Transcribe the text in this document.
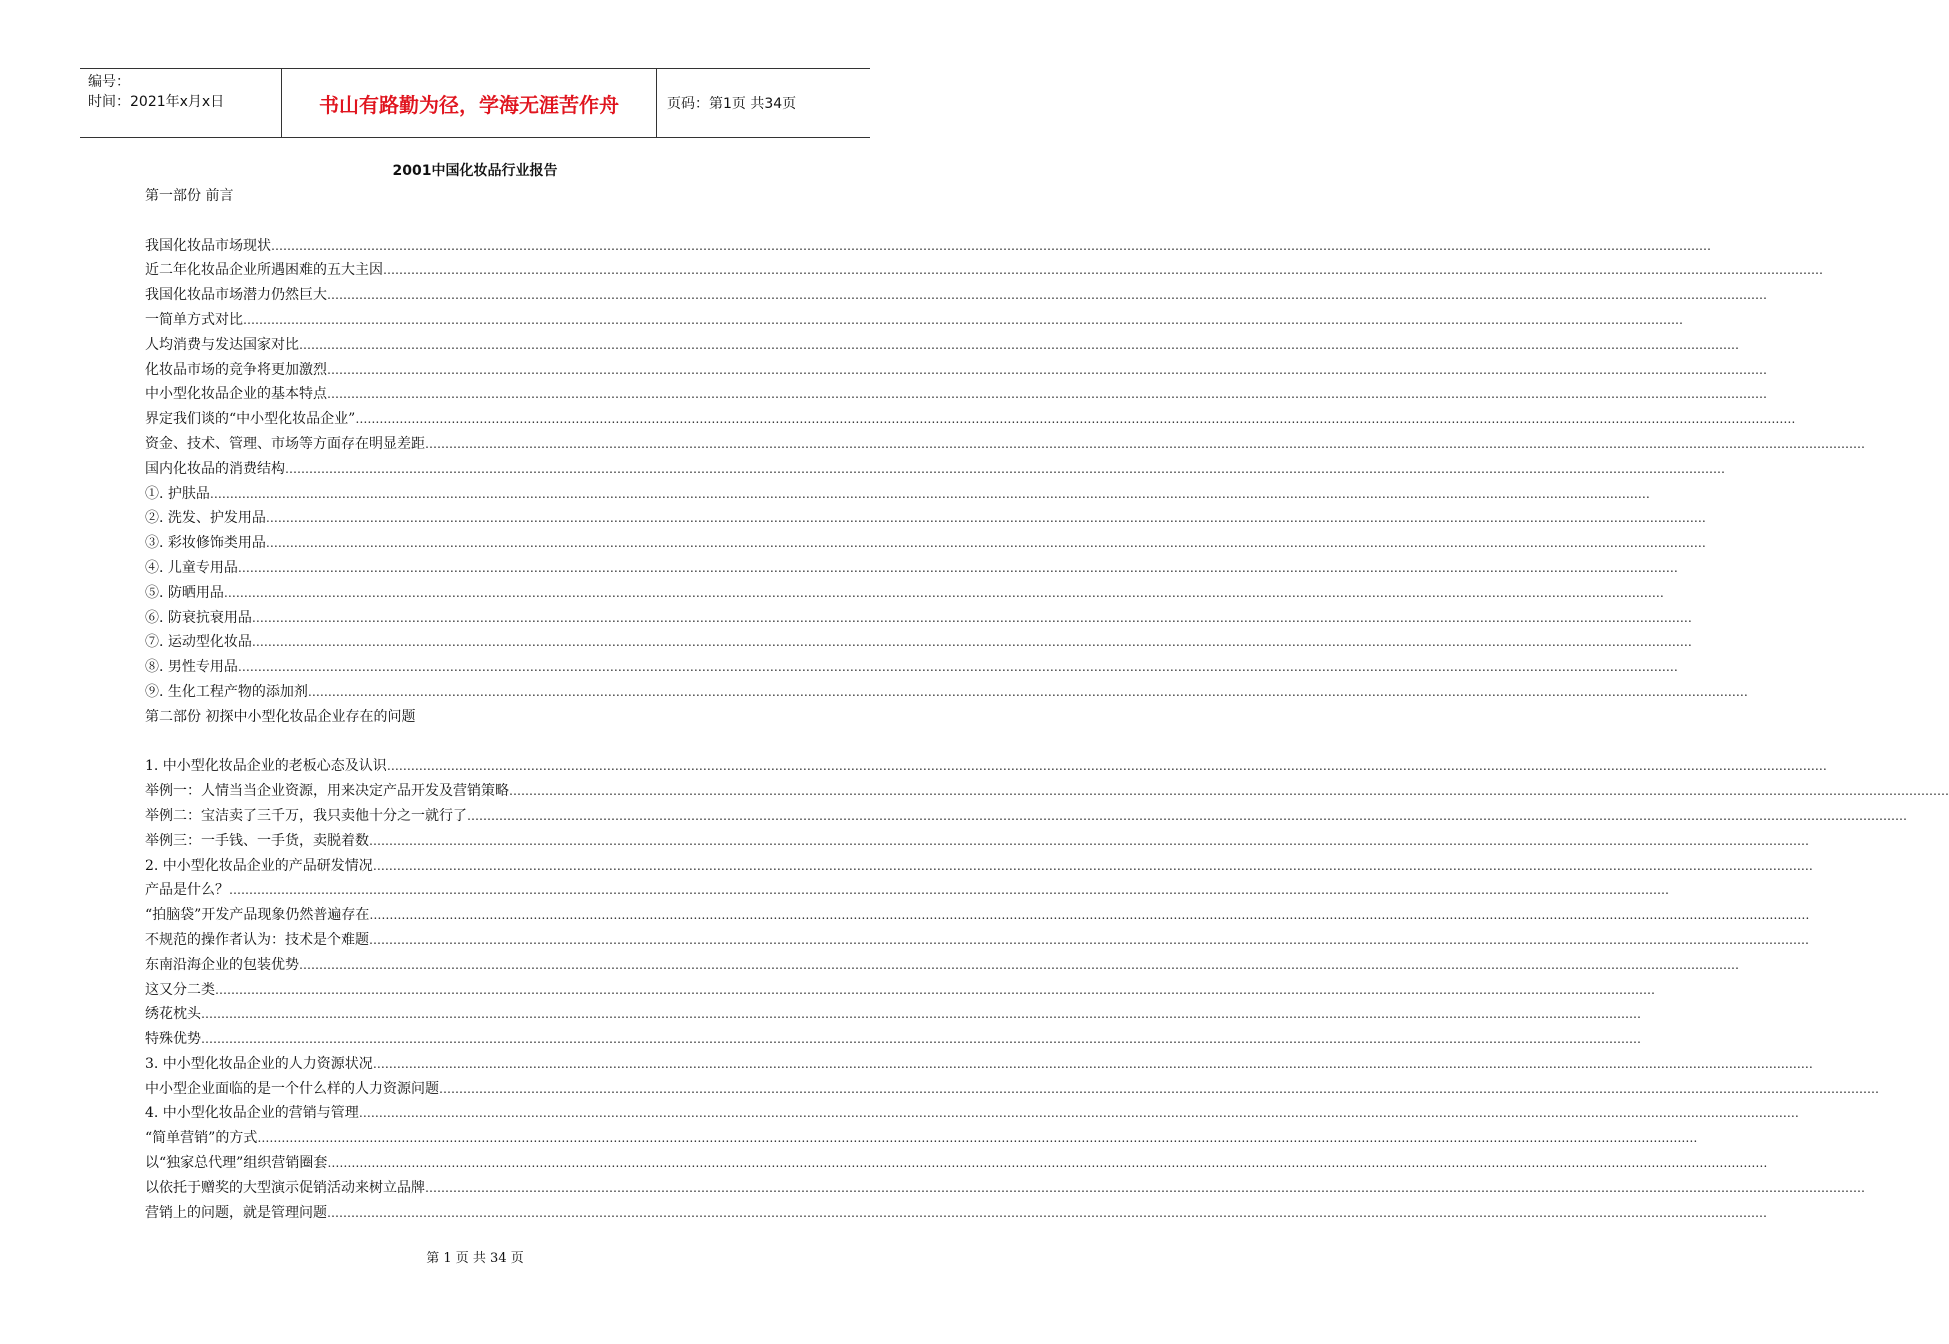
编号：
时间：2021年x月x日	书山有路勤为径，学海无涯苦作舟	页码：第1页 共34页
2001中国化妆品行业报告
第一部份 前言
我国化妆品市场现状 ………………………………………………………………………………………………………………………………………………………………………………………………………………………………………………………………………………………………………………………………
近二年化妆品企业所遇困难的五大主因 ………………………………………………………………………………………………………………………………………………………………………………………………………………………………………………………………………………………………………………………………
我国化妆品市场潜力仍然巨大 ………………………………………………………………………………………………………………………………………………………………………………………………………………………………………………………………………………………………………………………………
一简单方式对比 ………………………………………………………………………………………………………………………………………………………………………………………………………………………………………………………………………………………………………………………………
人均消费与发达国家对比 ………………………………………………………………………………………………………………………………………………………………………………………………………………………………………………………………………………………………………………………………
化妆品市场的竞争将更加激烈 ………………………………………………………………………………………………………………………………………………………………………………………………………………………………………………………………………………………………………………………………
中小型化妆品企业的基本特点 ………………………………………………………………………………………………………………………………………………………………………………………………………………………………………………………………………………………………………………………………
界定我们谈的“中小型化妆品企业” ………………………………………………………………………………………………………………………………………………………………………………………………………………………………………………………………………………………………………………………………
资金、技术、管理、市场等方面存在明显差距 ………………………………………………………………………………………………………………………………………………………………………………………………………………………………………………………………………………………………………………………………
国内化妆品的消费结构 ………………………………………………………………………………………………………………………………………………………………………………………………………………………………………………………………………………………………………………………………
①. 护肤品 ………………………………………………………………………………………………………………………………………………………………………………………………………………………………………………………………………………………………………………………………
②. 洗发、护发用品 ………………………………………………………………………………………………………………………………………………………………………………………………………………………………………………………………………………………………………………………………
③. 彩妆修饰类用品 ………………………………………………………………………………………………………………………………………………………………………………………………………………………………………………………………………………………………………………………………
④. 儿童专用品 ………………………………………………………………………………………………………………………………………………………………………………………………………………………………………………………………………………………………………………………………
⑤. 防晒用品 ………………………………………………………………………………………………………………………………………………………………………………………………………………………………………………………………………………………………………………………………
⑥. 防衰抗衰用品 ………………………………………………………………………………………………………………………………………………………………………………………………………………………………………………………………………………………………………………………………
⑦. 运动型化妆品 ………………………………………………………………………………………………………………………………………………………………………………………………………………………………………………………………………………………………………………………………
⑧. 男性专用品 ………………………………………………………………………………………………………………………………………………………………………………………………………………………………………………………………………………………………………………………………
⑨. 生化工程产物的添加剂 ………………………………………………………………………………………………………………………………………………………………………………………………………………………………………………………………………………………………………………………………
第二部份 初探中小型化妆品企业存在的问题
1. 中小型化妆品企业的老板心态及认识 ………………………………………………………………………………………………………………………………………………………………………………………………………………………………………………………………………………………………………………………………
举例一：人情当当企业资源，用来决定产品开发及营销策略 ………………………………………………………………………………………………………………………………………………………………………………………………………………………………………………………………………………………………………………………………
举例二：宝洁卖了三千万，我只卖他十分之一就行了 ………………………………………………………………………………………………………………………………………………………………………………………………………………………………………………………………………………………………………………………………
举例三：一手钱、一手货，卖脱着数 ………………………………………………………………………………………………………………………………………………………………………………………………………………………………………………………………………………………………………………………………
2. 中小型化妆品企业的产品研发情况 ………………………………………………………………………………………………………………………………………………………………………………………………………………………………………………………………………………………………………………………………
产品是什么？ ………………………………………………………………………………………………………………………………………………………………………………………………………………………………………………………………………………………………………………………………
“拍脑袋”开发产品现象仍然普遍存在 ………………………………………………………………………………………………………………………………………………………………………………………………………………………………………………………………………………………………………………………………
不规范的操作者认为：技术是个难题 ………………………………………………………………………………………………………………………………………………………………………………………………………………………………………………………………………………………………………………………………
东南沿海企业的包装优势 ………………………………………………………………………………………………………………………………………………………………………………………………………………………………………………………………………………………………………………………………
这又分二类 ………………………………………………………………………………………………………………………………………………………………………………………………………………………………………………………………………………………………………………………………
绣花枕头 ………………………………………………………………………………………………………………………………………………………………………………………………………………………………………………………………………………………………………………………………
特殊优势 ………………………………………………………………………………………………………………………………………………………………………………………………………………………………………………………………………………………………………………………………
3. 中小型化妆品企业的人力资源状况 ………………………………………………………………………………………………………………………………………………………………………………………………………………………………………………………………………………………………………………………………
中小型企业面临的是一个什么样的人力资源问题 ………………………………………………………………………………………………………………………………………………………………………………………………………………………………………………………………………………………………………………………………
4. 中小型化妆品企业的营销与管理 ………………………………………………………………………………………………………………………………………………………………………………………………………………………………………………………………………………………………………………………………
“简单营销”的方式 ………………………………………………………………………………………………………………………………………………………………………………………………………………………………………………………………………………………………………………………………
以“独家总代理”组织营销圈套 ………………………………………………………………………………………………………………………………………………………………………………………………………………………………………………………………………………………………………………………………
以依托于赠奖的大型演示促销活动来树立品牌 ………………………………………………………………………………………………………………………………………………………………………………………………………………………………………………………………………………………………………………………………
营销上的问题，就是管理问题 ………………………………………………………………………………………………………………………………………………………………………………………………………………………………………………………………………………………………………………………………
第 1 页 共 34 页
